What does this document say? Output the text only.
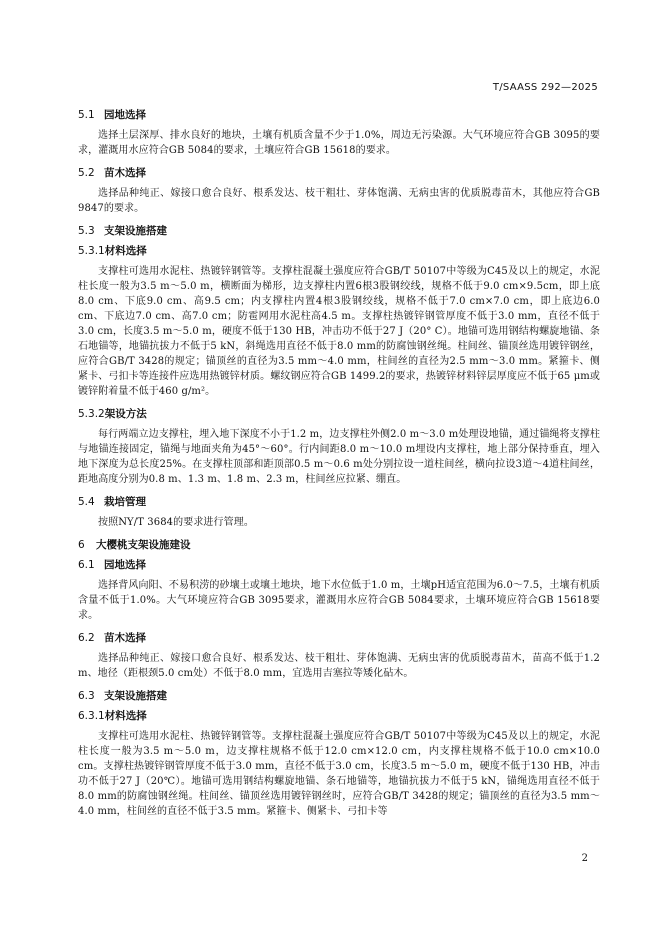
T/SAASS 292—2025
5.1 园地选择

选择土层深厚、排水良好的地块，土壤有机质含量不少于1.0%，周边无污染源。大气环境应符合GB 3095的要求，灌溉用水应符合GB 5084的要求，土壤应符合GB 15618的要求。

5.2 苗木选择

选择品种纯正、嫁接口愈合良好、根系发达、枝干粗壮、芽体饱满、无病虫害的优质脱毒苗木，其他应符合GB 9847的要求。

5.3 支架设施搭建
5.3.1材料选择

支撑柱可选用水泥柱、热镀锌钢管等。支撑柱混凝土强度应符合GB/T 50107中等级为C45及以上的规定，水泥柱长度一般为3.5 m～5.0 m，横断面为梯形，边支撑柱内置6根3股钢绞线，规格不低于9.0 cm×9.5cm，即上底8.0 cm、下底9.0 cm、高9.5 cm；内支撑柱内置4根3股钢绞线，规格不低于7.0 cm×7.0 cm，即上底边6.0 cm、下底边7.0 cm、高7.0 cm；防雹网用水泥柱高4.5 m。支撑柱热镀锌钢管厚度不低于3.0 mm，直径不低于3.0 cm，长度3.5 m～5.0 m，硬度不低于130 HB，冲击功不低于27 J（20° C）。地锚可选用钢结构螺旋地锚、条石地锚等，地锚抗拔力不低于5 kN，斜绳选用直径不低于8.0 mm的防腐蚀钢丝绳。柱间丝、锚顶丝选用镀锌钢丝，应符合GB/T 3428的规定；锚顶丝的直径为3.5 mm～4.0 mm，柱间丝的直径为2.5 mm～3.0 mm。紧箍卡、侧紧卡、弓扣卡等连接件应选用热镀锌材质。螺纹钢应符合GB 1499.2的要求，热镀锌材料锌层厚度应不低于65 μm或镀锌附着量不低于460 g/m²。

5.3.2架设方法

每行两端立边支撑柱，埋入地下深度不小于1.2 m，边支撑柱外侧2.0 m～3.0 m处理设地锚，通过锚绳将支撑柱与地锚连接固定，锚绳与地面夹角为45°～60°。行内间距8.0 m～10.0 m埋设内支撑柱，地上部分保持垂直，埋入地下深度为总长度25%。在支撑柱顶部和距顶部0.5 m～0.6 m处分别拉设一道柱间丝，横向拉设3道～4道柱间丝，距地高度分别为0.8 m、1.3 m、1.8 m、2.3 m，柱间丝应拉紧、绷直。

5.4 栽培管理

按照NY/T 3684的要求进行管理。

6 大樱桃支架设施建设
6.1 园地选择

选择背风向阳、不易积涝的砂壤土或壤土地块，地下水位低于1.0 m，土壤pH适宜范围为6.0～7.5，土壤有机质含量不低于1.0%。大气环境应符合GB 3095要求，灌溉用水应符合GB 5084要求，土壤环境应符合GB 15618要求。

6.2 苗木选择

选择品种纯正、嫁接口愈合良好、根系发达、枝干粗壮、芽体饱满、无病虫害的优质脱毒苗木，苗高不低于1.2 m、地径（距根颈5.0 cm处）不低于8.0 mm，宜选用吉塞拉等矮化砧木。

6.3 支架设施搭建
6.3.1材料选择

支撑柱可选用水泥柱、热镀锌钢管等。支撑柱混凝土强度应符合GB/T 50107中等级为C45及以上的规定，水泥柱长度一般为3.5 m～5.0 m，边支撑柱规格不低于12.0 cm×12.0 cm，内支撑柱规格不低于10.0 cm×10.0 cm。支撑柱热镀锌钢管厚度不低于3.0 mm，直径不低于3.0 cm，长度3.5 m～5.0 m，硬度不低于130 HB，冲击功不低于27 J（20℃）。地锚可选用钢结构螺旋地锚、条石地锚等，地锚抗拔力不低于5 kN，锚绳选用直径不低于8.0 mm的防腐蚀钢丝绳。柱间丝、锚顶丝选用镀锌钢丝时，应符合GB/T 3428的规定；锚顶丝的直径为3.5 mm～4.0 mm，柱间丝的直径不低于3.5 mm。紧箍卡、侧紧卡、弓扣卡等

2
